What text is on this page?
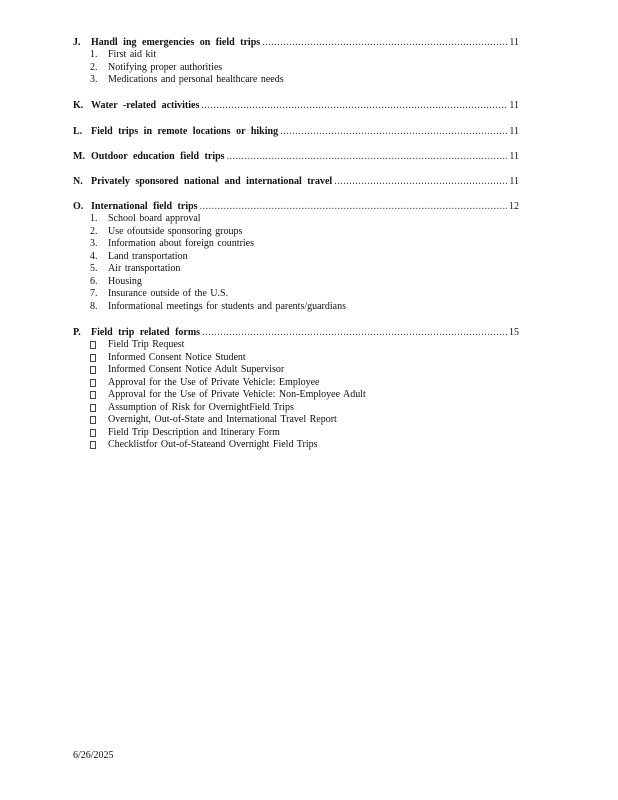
J.	Handl ing emergencies on field trips .....	11
1.	First aid kit
2.	Notifying proper authorities
3.	Medications and personal healthcare needs
K. Water -related activities .....	11
L. Field trips in remote locations or hiking .....	11
M. Outdoor education field trips .....	11
N. Privately sponsored national and international travel .....	11
O. International field trips .....	12
1.	School board approval
2.	Use ofoutside sponsoring groups
3.	Information about foreign countries
4.	Land transportation
5.	Air transportation
6.	Housing
7.	Insurance outside of the U.S.
8.	Informational meetings for students and parents/guardians
P.	Field trip related forms .....	15
Field Trip Request
Informed Consent Notice Student
Informed Consent Notice Adult Supervisor
Approval for the Use of Private Vehicle: Employee
Approval for the Use of Private Vehicle: Non-Employee Adult
Assumption of Risk for OvernightField Trips
Overnight, Out-of-State and International Travel Report
Field Trip Description and Itinerary Form
Checklistfor Out-of-Stateand Overnight Field Trips
6/26/2025
